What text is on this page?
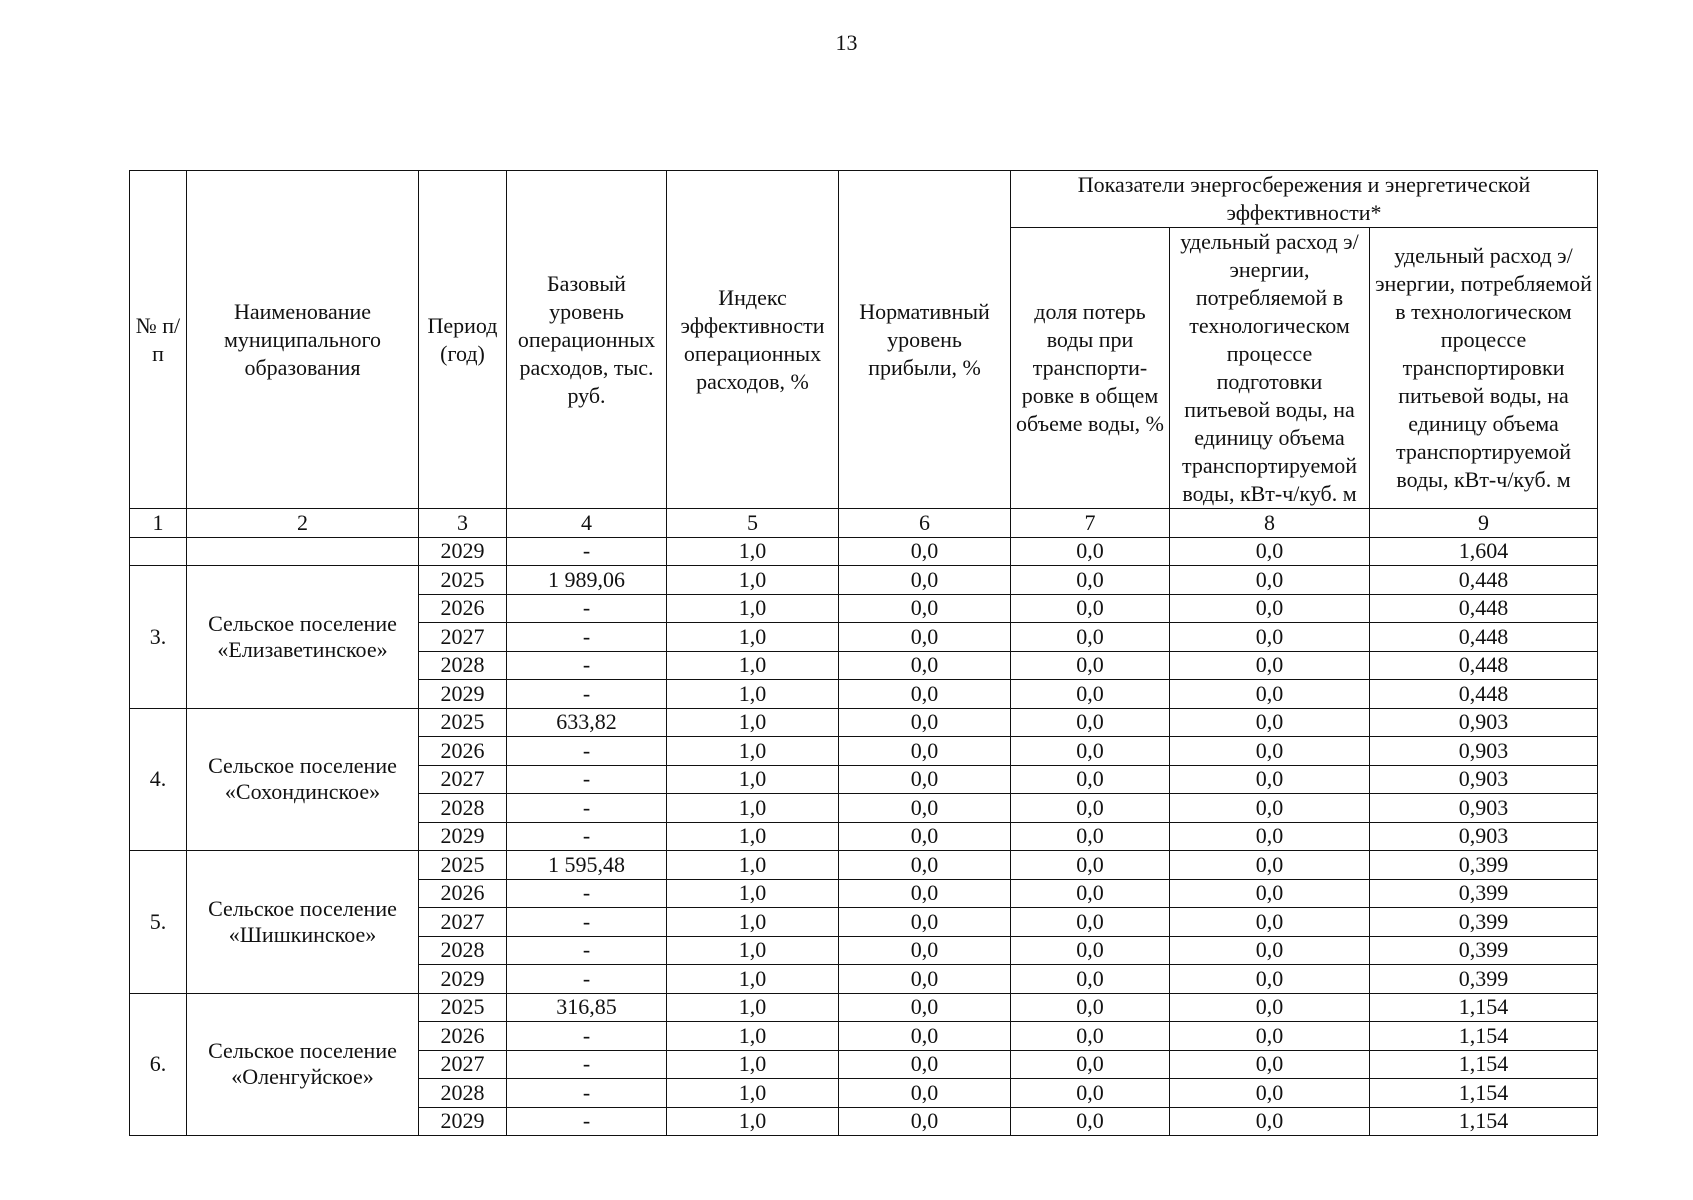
13
№ п/п	Наименование муниципального образования	Период (год)	Базовый уровень операционных расходов, тыс. руб.	Индекс эффективности операционных расходов, %	Нормативный уровень прибыли, %	Показатели энергосбережения и энергетической эффективности*		
						доля потерь воды при транспорти-ровке в общем объеме воды, %	удельный расход э/энергии, потребляемой в технологическом процессе подготовки питьевой воды, на единицу объема транспортируемой воды, кВт-ч/куб. м	удельный расход э/энергии, потребляемой в технологическом процессе транспортировки питьевой воды, на единицу объема транспортируемой воды, кВт-ч/куб. м
1	2	3	4	5	6	7	8	9
		2029	-	1,0	0,0	0,0	0,0	1,604
3.	Сельское поселение «Елизаветинское»	2025	1 989,06	1,0	0,0	0,0	0,0	0,448
		2026	-	1,0	0,0	0,0	0,0	0,448
		2027	-	1,0	0,0	0,0	0,0	0,448
		2028	-	1,0	0,0	0,0	0,0	0,448
		2029	-	1,0	0,0	0,0	0,0	0,448
4.	Сельское поселение «Сохондинское»	2025	633,82	1,0	0,0	0,0	0,0	0,903
		2026	-	1,0	0,0	0,0	0,0	0,903
		2027	-	1,0	0,0	0,0	0,0	0,903
		2028	-	1,0	0,0	0,0	0,0	0,903
		2029	-	1,0	0,0	0,0	0,0	0,903
5.	Сельское поселение «Шишкинское»	2025	1 595,48	1,0	0,0	0,0	0,0	0,399
		2026	-	1,0	0,0	0,0	0,0	0,399
		2027	-	1,0	0,0	0,0	0,0	0,399
		2028	-	1,0	0,0	0,0	0,0	0,399
		2029	-	1,0	0,0	0,0	0,0	0,399
6.	Сельское поселение «Оленгуйское»	2025	316,85	1,0	0,0	0,0	0,0	1,154
		2026	-	1,0	0,0	0,0	0,0	1,154
		2027	-	1,0	0,0	0,0	0,0	1,154
		2028	-	1,0	0,0	0,0	0,0	1,154
		2029	-	1,0	0,0	0,0	0,0	1,154
